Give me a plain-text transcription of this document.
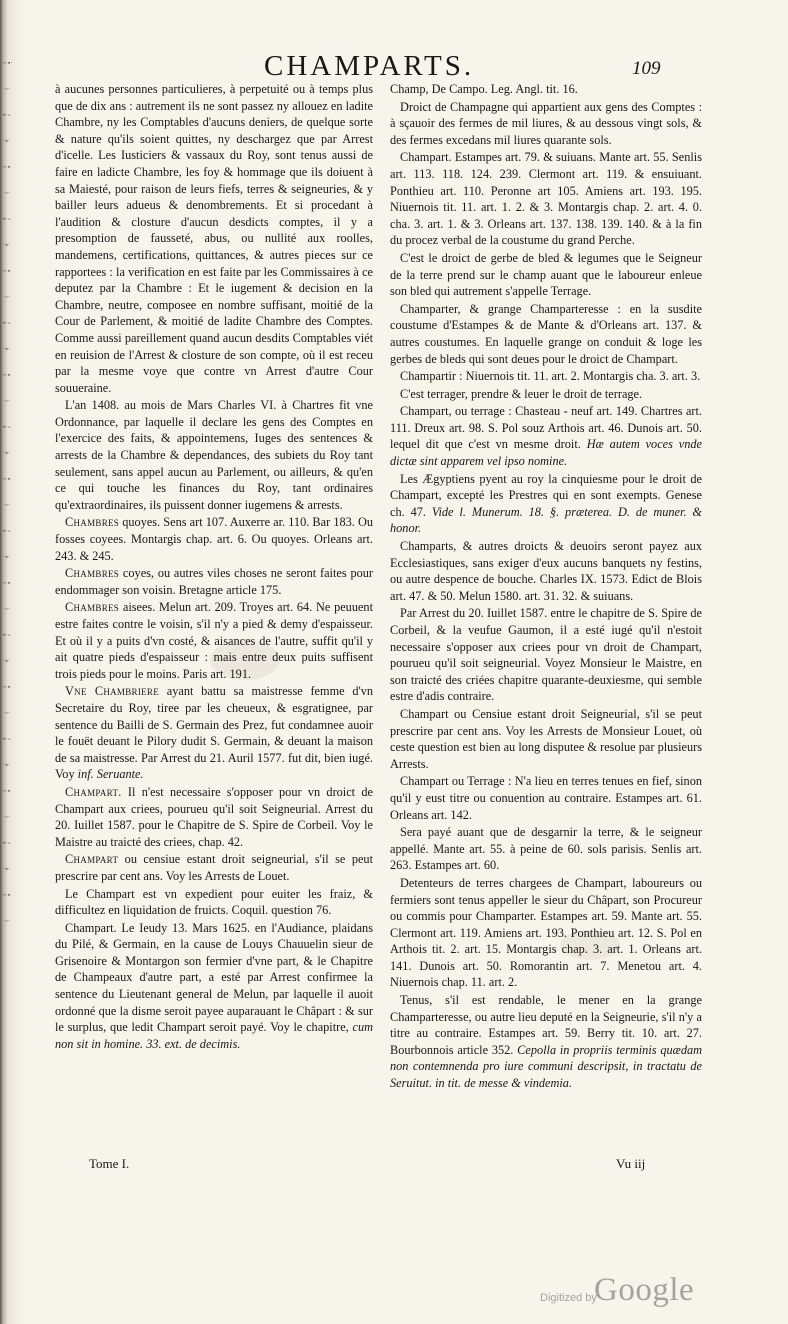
▫·▪·
·▫·
▪·▫
·▪·
▫·▪
·▫·
▪·▫
·▪·
▫·▪
·▫·
▪·▫
·▪·
▫·▪
·▫·
▪·▫
·▪·
▫·▪
·▫·
▪·▫
·▪·
▫·▪
·▫·
▪·▫
·▪·
▫·▪
·▫·
▪·▫
·▪·
▫·▪
·▫·
▪·▫
·▪·
▫·▪
·▫·
CHAMPARTS.	109

à aucunes personnes particulieres, à perpetuité ou à temps plus que de dix ans : autrement ils ne sont passez ny allouez en ladite Chambre, ny les Comptables d'aucuns deniers, de quelque sorte & nature qu'ils soient quittes, ny deschargez que par Arrest d'icelle. Les Iusticiers & vassaux du Roy, sont tenus aussi de faire en ladicte Chambre, les foy & hommage que ils doiuent à sa Maiesté, pour raison de leurs fiefs, terres & seigneuries, & y bailler leurs adueus & denombrements. Et si procedant à l'audition & closture d'aucun desdicts comptes, il y a presomption de fausseté, abus, ou nullité aux roolles, mandemens, certifications, quittances, & autres pieces sur ce rapportees : la verification en est faite par les Commissaires à ce deputez par la Chambre : Et le iugement & decision en la Chambre, neutre, composee en nombre suffisant, moitié de la Cour de Parlement, & moitié de ladite Chambre des Comptes. Comme aussi pareillement quand aucun desdits Comptables viét en reuision de l'Arrest & closture de son compte, où il est receu par la mesme voye que contre vn Arrest d'autre Cour souueraine.

L'an 1408. au mois de Mars Charles VI. à Chartres fit vne Ordonnance, par laquelle il declare les gens des Comptes en l'exercice des faits, & appointemens, Iuges des sentences & arrests de la Chambre & dependances, des subiets du Roy tant seulement, sans appel aucun au Parlement, ou ailleurs, & qu'en ce qui touche les finances du Roy, tant ordinaires qu'extraordinaires, ils puissent donner iugemens & arrests.

Chambres quoyes. Sens art 107. Auxerre ar. 110. Bar 183. Ou fosses coyees. Montargis chap. art. 6. Ou quoyes. Orleans art. 243. & 245.

Chambres coyes, ou autres viles choses ne seront faites pour endommager son voisin. Bretagne article 175.

Chambres aisees. Melun art. 209. Troyes art. 64. Ne peuuent estre faites contre le voisin, s'il n'y a pied & demy d'espaisseur. Et où il y a puits d'vn costé, & aisances de l'autre, suffit qu'il y ait quatre pieds d'espaisseur : mais entre deux puits suffisent trois pieds pour le moins. Paris art. 191.

Vne Chambriere ayant battu sa maistresse femme d'vn Secretaire du Roy, tiree par les cheueux, & esgratignee, par sentence du Bailli de S. Germain des Prez, fut condamnee auoir le fouët deuant le Pilory dudit S. Germain, & deuant la maison de sa maistresse. Par Arrest du 21. Auril 1577. fut dit, bien iugé. Voy inf. Seruante.

Champart. Il n'est necessaire s'opposer pour vn droict de Champart aux criees, pourueu qu'il soit Seigneurial. Arrest du 20. Iuillet 1587. pour le Chapitre de S. Spire de Corbeil. Voy le Maistre au traicté des criees, chap. 42.

Champart ou censiue estant droit seigneurial, s'il se peut prescrire par cent ans. Voy les Arrests de Louet.

Le Champart est vn expedient pour euiter les fraiz, & difficultez en liquidation de fruicts. Coquil. question 76.

Champart. Le Ieudy 13. Mars 1625. en l'Audiance, plaidans du Pilé, & Germain, en la cause de Louys Chauuelin sieur de Grisenoire & Montargon son fermier d'vne part, & le Chapitre de Champeaux d'autre part, a esté par Arrest confirmee la sentence du Lieutenant general de Melun, par laquelle il auoit ordonné que la disme seroit payee auparauant le Châpart : & sur le surplus, que ledit Champart seroit payé. Voy le chapitre, cum non sit in homine. 33. ext. de decimis.

Champ, De Campo. Leg. Angl. tit. 16.

Droict de Champagne qui appartient aux gens des Comptes : à sçauoir des fermes de mil liures, & au dessous vingt sols, & des fermes excedans mil liures quarante sols.

Champart. Estampes art. 79. & suiuans. Mante art. 55. Senlis art. 113. 118. 124. 239. Clermont art. 119. & ensuiuant. Ponthieu art. 110. Peronne art 105. Amiens art. 193. 195. Niuernois tit. 11. art. 1. 2. & 3. Montargis chap. 2. art. 4. 0. cha. 3. art. 1. & 3. Orleans art. 137. 138. 139. 140. & à la fin du procez verbal de la coustume du grand Perche.

C'est le droict de gerbe de bled & legumes que le Seigneur de la terre prend sur le champ auant que le laboureur enleue son bled qui autrement s'appelle Terrage.

Champarter, & grange Champarteresse : en la susdite coustume d'Estampes & de Mante & d'Orleans art. 137. & autres coustumes. En laquelle grange on conduit & loge les gerbes de bleds qui sont deues pour le droict de Champart.

Champartir : Niuernois tit. 11. art. 2. Montargis cha. 3. art. 3.

C'est terrager, prendre & leuer le droit de terrage.

Champart, ou terrage : Chasteau - neuf art. 149. Chartres art. 111. Dreux art. 98. S. Pol souz Arthois art. 46. Dunois art. 50. lequel dit que c'est vn mesme droit. Hæ autem voces vnde dictæ sint appareт vel ipso nomine.

Les Ægyptiens pyent au roy la cinquiesme pour le droit de Champart, excepté les Prestres qui en sont exempts. Genese ch. 47. Vide l. Munerum. 18. §. præterea. D. de muner. & honor.

Champarts, & autres droicts & deuoirs seront payez aux Ecclesiastiques, sans exiger d'eux aucuns banquets ny festins, ou autre despence de bouche. Charles IX. 1573. Edict de Blois art. 47. & 50. Melun 1580. art. 31. 32. & suiuans.

Par Arrest du 20. Iuillet 1587. entre le chapitre de S. Spire de Corbeil, & la veufue Gaumon, il a esté iugé qu'il n'estoit necessaire s'opposer aux criees pour vn droit de Champart, pourueu qu'il soit seigneurial. Voyez Monsieur le Maistre, en son traicté des criées chapitre quarante-deuxiesme, qui semble estre d'adis contraire.

Champart ou Censiue estant droit Seigneurial, s'il se peut prescrire par cent ans. Voy les Arrests de Monsieur Louet, où ceste question est bien au long disputee & resolue par plusieurs Arrests.

Champart ou Terrage : N'a lieu en terres tenues en fief, sinon qu'il y eust titre ou conuention au contraire. Estampes art. 61. Orleans art. 142.

Sera payé auant que de desgarnir la terre, & le seigneur appellé. Mante art. 55. à peine de 60. sols parisis. Senlis art. 263. Estampes art. 60.

Detenteurs de terres chargees de Champart, laboureurs ou fermiers sont tenus appeller le sieur du Châpart, son Procureur ou commis pour Champarter. Estampes art. 59. Mante art. 55. Clermont art. 119. Amiens art. 193. Ponthieu art. 12. S. Pol en Arthois tit. 2. art. 15. Montargis chap. 3. art. 1. Orleans art. 141. Dunois art. 50. Romorantin art. 7. Menetou art. 4. Niuernois chap. 11. art. 2.

Tenus, s'il est rendable, le mener en la grange Champarteresse, ou autre lieu deputé en la Seigneurie, s'il n'y a titre au contraire. Estampes art. 59. Berry tit. 10. art. 27. Bourbonnois article 352. Cepolla in propriis terminis quædam non contemnenda pro iure communi descripsit, in tractatu de Seruitut. in tit. de messe & vindemia.

Tome I.	Vu iij
Digitized by
Google
